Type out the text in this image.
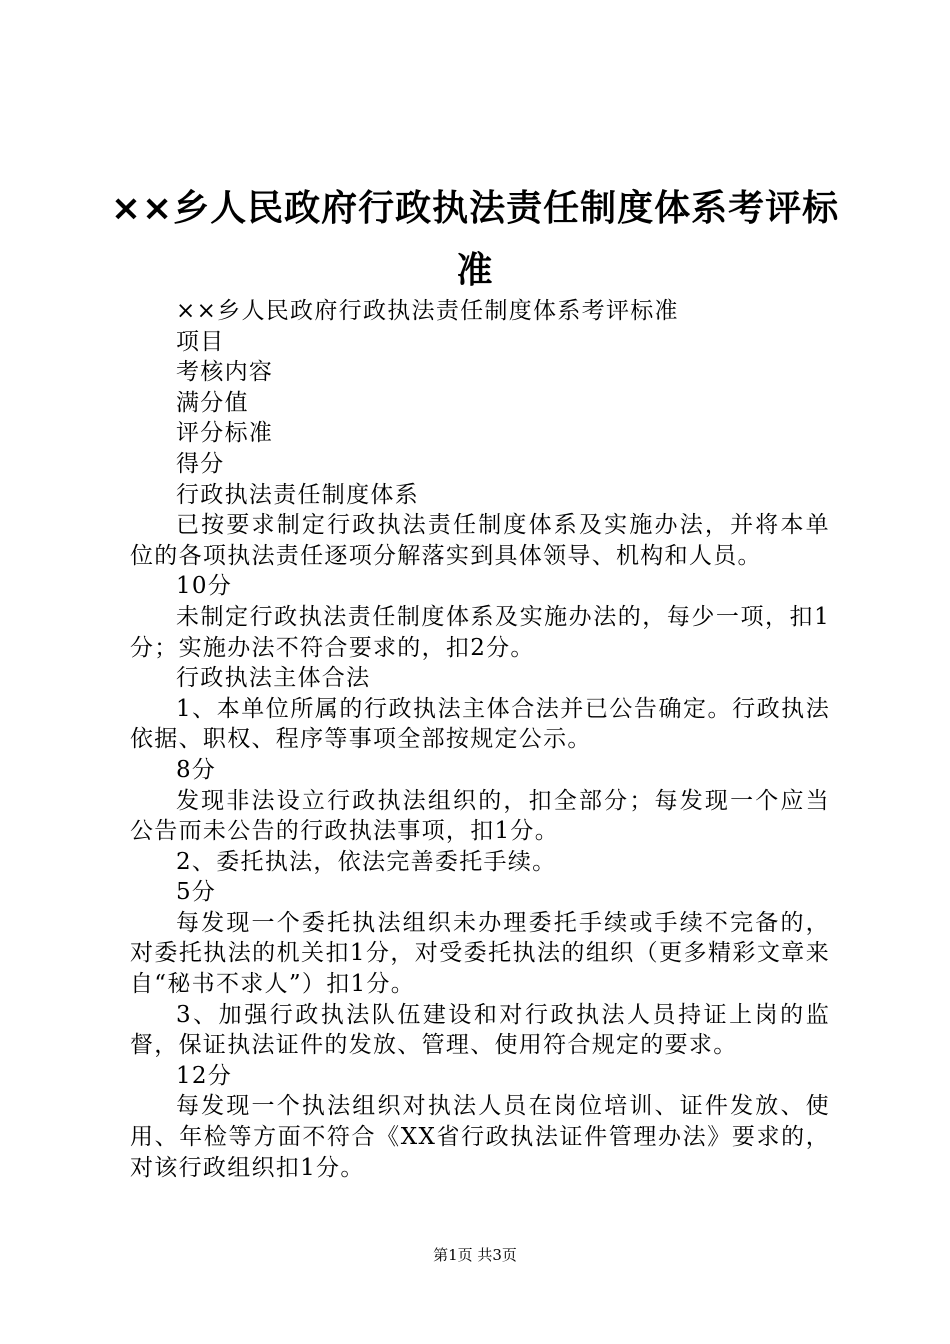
××乡人民政府行政执法责任制度体系考评标准

××乡人民政府行政执法责任制度体系考评标准

项目

考核内容

满分值

评分标准

得分

行政执法责任制度体系

已按要求制定行政执法责任制度体系及实施办法，并将本单位的各项执法责任逐项分解落实到具体领导、机构和人员。

10分

未制定行政执法责任制度体系及实施办法的，每少一项，扣1分；实施办法不符合要求的，扣2分。

行政执法主体合法

1、本单位所属的行政执法主体合法并已公告确定。行政执法依据、职权、程序等事项全部按规定公示。

8分

发现非法设立行政执法组织的，扣全部分；每发现一个应当公告而未公告的行政执法事项，扣1分。

2、委托执法，依法完善委托手续。

5分

每发现一个委托执法组织未办理委托手续或手续不完备的，对委托执法的机关扣1分，对受委托执法的组织（更多精彩文章来自“秘书不求人”）扣1分。

3、加强行政执法队伍建设和对行政执法人员持证上岗的监督，保证执法证件的发放、管理、使用符合规定的要求。

12分

每发现一个执法组织对执法人员在岗位培训、证件发放、使用、年检等方面不符合《XX省行政执法证件管理办法》要求的，对该行政组织扣1分。

第1页 共3页
